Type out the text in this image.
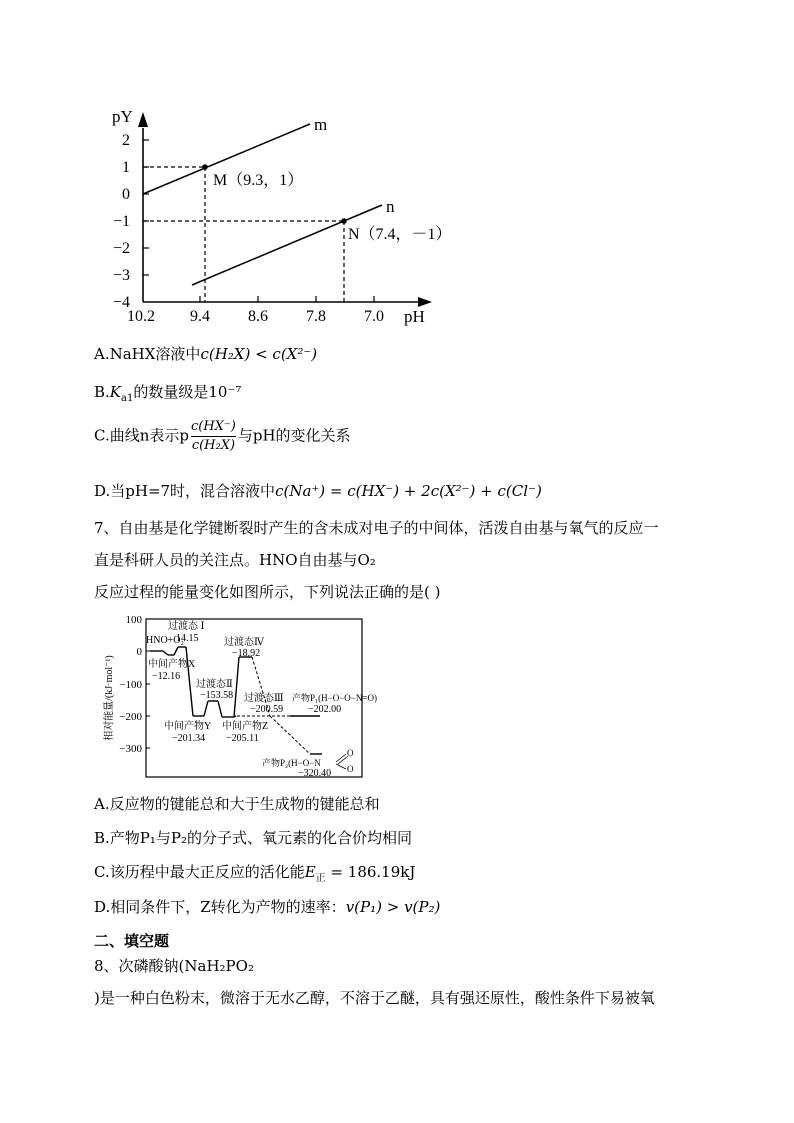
pY
2
1
0
−1
−2
−3
−4
10.2 9.4 8.6 7.8 7.0 pH
m
n
M（9.3，1）
N（7.4，－1）
A.NaHX溶液中c(H₂X) < c(X²⁻)
$B.K_{a1}$的数量级是10⁻⁷
C.曲线n表示p $\frac{c(HX^-)}{\text{c(H₂X)}}$ 与pH的变化关系
D.当pH=7时，混合溶液中c(Na⁺) = c(HX⁻) + 2c(X²⁻) + c(Cl⁻)
7、自由基是化学键断裂时产生的含未成对电子的中间体，活泼自由基与氧气的反应一
直是科研人员的关注点。HNO自由基与O₂
反应过程的能量变化如图所示，下列说法正确的是( )
相对能量/(kJ·mol⁻¹)
100
0
−100
−200
−300
HNO+O₂
过渡态 Ⅰ
14.15
中间产物X
−12.16
过渡态Ⅳ
−18.92
过渡态Ⅱ
−153.58 过渡态Ⅲ
−200.59
产物P₁(H−O−O−N=O)
−202.00
中间产物Y
−201.34
中间产物Z
−205.11
产物P₂(H−O−N
O
O
−320.40
A.反应物的键能总和大于生成物的键能总和
B.产物P₁与P₂的分子式、氧元素的化合价均相同
C.该历程中最大正反应的活化能$E_正 = 186.19kJ$
D.相同条件下，Z转化为产物的速率：v(P₁) > v(P₂)
二、填空题
8、次磷酸钠(NaH₂PO₂
)是一种白色粉末，微溶于无水乙醇，不溶于乙醚，具有强还原性，酸性条件下易被氧
